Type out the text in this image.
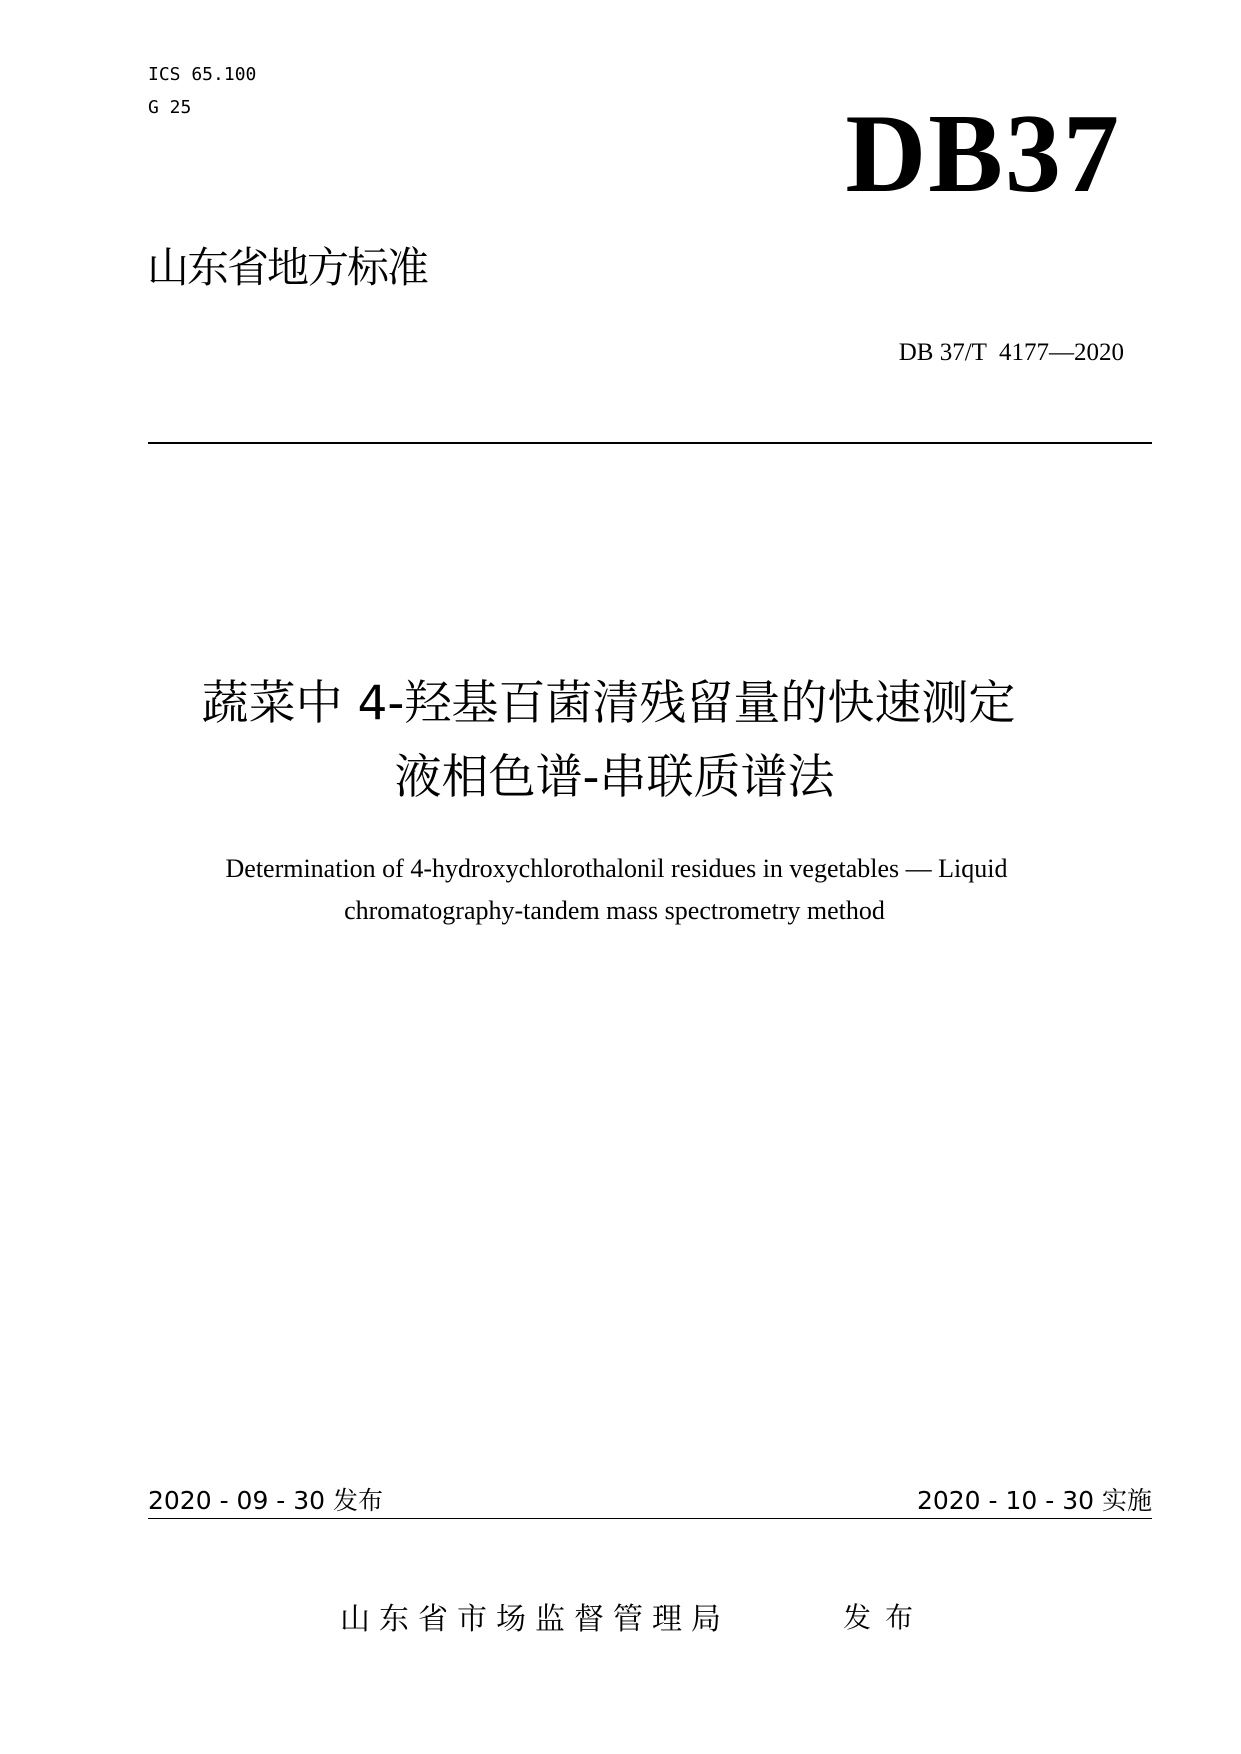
ICS 65.100
G 25	DB37
山东省地方标准
DB 37/T  4177—2020
蔬菜中 4-羟基百菌清残留量的快速测定
液相色谱-串联质谱法
Determination of 4-hydroxychlorothalonil residues in vegetables — Liquid
chromatography-tandem mass spectrometry method
2020 - 09 - 30 发布	2020 - 10 - 30 实施
山东省市场监督管理局	发布
